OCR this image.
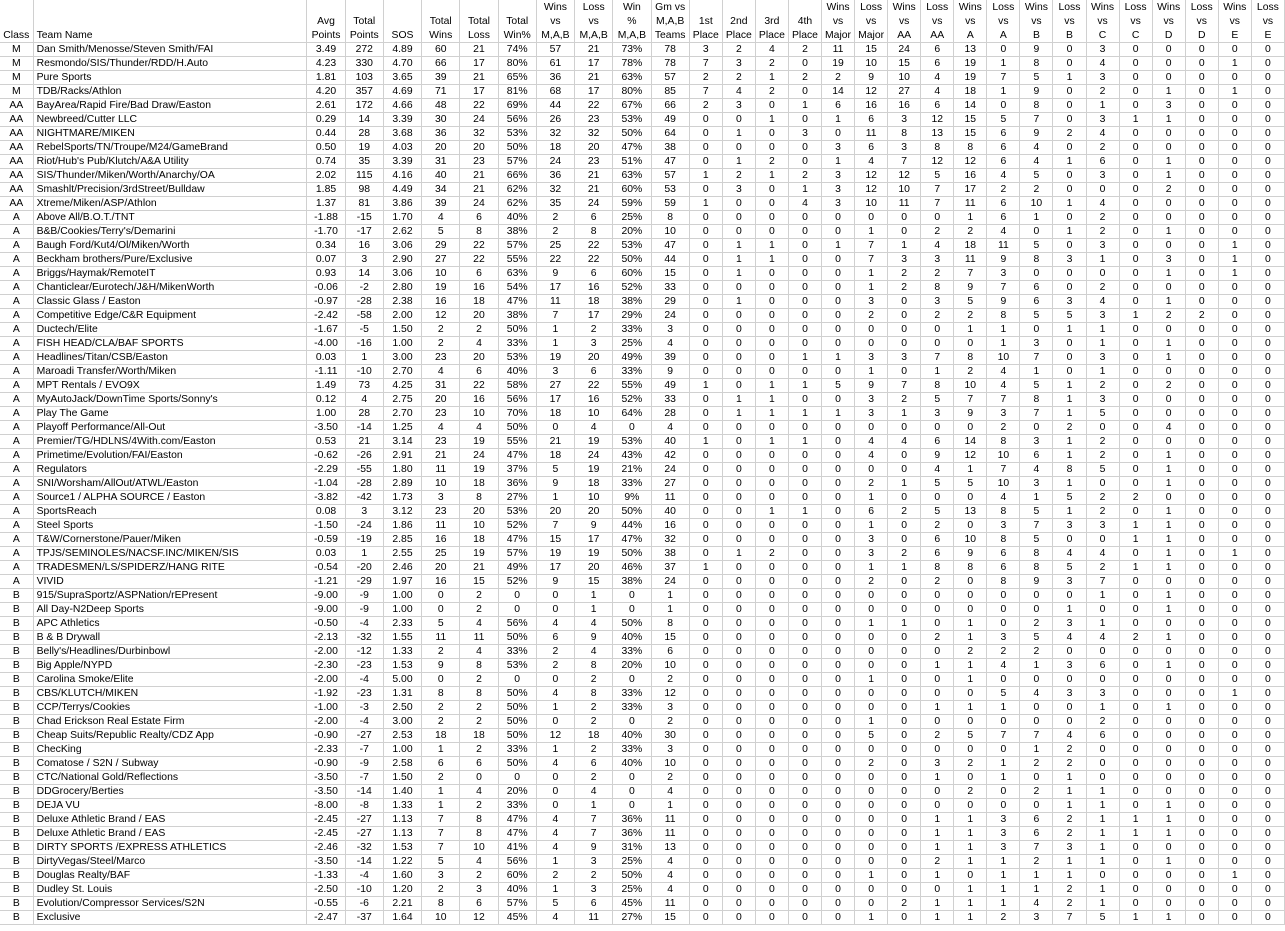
								Wins	Loss	Win	Gm vs					Wins	Loss	Wins	Loss	Wins	Loss	Wins	Loss	Wins	Loss	Wins	Loss	Wins	Loss
		Avg	Total		Total	Total	Total	vs	vs	%	M,A,B	1st	2nd	3rd	4th	vs	vs	vs	vs	vs	vs	vs	vs	vs	vs	vs	vs	vs	vs
Class	Team Name	Points	Points	SOS	Wins	Loss	Win%	M,A,B	M,A,B	M,A,B	Teams	Place	Place	Place	Place	Major	Major	AA	AA	A	A	B	B	C	C	D	D	E	E
M	Dan Smith/Menosse/Steven Smith/FAI	3.49	272	4.89	60	21	74%	57	21	73%	78	3	2	4	2	11	15	24	6	13	0	9	0	3	0	0	0	0	0
M	Resmondo/SIS/Thunder/RDD/H.Auto	4.23	330	4.70	66	17	80%	61	17	78%	78	7	3	2	0	19	10	15	6	19	1	8	0	4	0	0	0	1	0
M	Pure Sports	1.81	103	3.65	39	21	65%	36	21	63%	57	2	2	1	2	2	9	10	4	19	7	5	1	3	0	0	0	0	0
M	TDB/Racks/Athlon	4.20	357	4.69	71	17	81%	68	17	80%	85	7	4	2	0	14	12	27	4	18	1	9	0	2	0	1	0	1	0
AA	BayArea/Rapid Fire/Bad Draw/Easton	2.61	172	4.66	48	22	69%	44	22	67%	66	2	3	0	1	6	16	16	6	14	0	8	0	1	0	3	0	0	0
AA	Newbreed/Cutter LLC	0.29	14	3.39	30	24	56%	26	23	53%	49	0	0	1	0	1	6	3	12	15	5	7	0	3	1	1	0	0	0
AA	NIGHTMARE/MIKEN	0.44	28	3.68	36	32	53%	32	32	50%	64	0	1	0	3	0	11	8	13	15	6	9	2	4	0	0	0	0	0
AA	RebelSports/TN/Troupe/M24/GameBrand	0.50	19	4.03	20	20	50%	18	20	47%	38	0	0	0	0	3	6	3	8	8	6	4	0	2	0	0	0	0	0
AA	Riot/Hub's Pub/Klutch/A&A Utility	0.74	35	3.39	31	23	57%	24	23	51%	47	0	1	2	0	1	4	7	12	12	6	4	1	6	0	1	0	0	0
AA	SIS/Thunder/Miken/Worth/Anarchy/OA	2.02	115	4.16	40	21	66%	36	21	63%	57	1	2	1	2	3	12	12	5	16	4	5	0	3	0	1	0	0	0
AA	Smashlt/Precision/3rdStreet/Bulldaw	1.85	98	4.49	34	21	62%	32	21	60%	53	0	3	0	1	3	12	10	7	17	2	2	0	0	0	2	0	0	0
AA	Xtreme/Miken/ASP/Athlon	1.37	81	3.86	39	24	62%	35	24	59%	59	1	0	0	4	3	10	11	7	11	6	10	1	4	0	0	0	0	0
A	Above All/B.O.T./TNT	-1.88	-15	1.70	4	6	40%	2	6	25%	8	0	0	0	0	0	0	0	0	1	6	1	0	2	0	0	0	0	0
A	B&B/Cookies/Terry's/Demarini	-1.70	-17	2.62	5	8	38%	2	8	20%	10	0	0	0	0	0	1	0	2	2	4	0	1	2	0	1	0	0	0
A	Baugh Ford/Kut4/Ol/Miken/Worth	0.34	16	3.06	29	22	57%	25	22	53%	47	0	1	1	0	1	7	1	4	18	11	5	0	3	0	0	0	1	0
A	Beckham brothers/Pure/Exclusive	0.07	3	2.90	27	22	55%	22	22	50%	44	0	1	1	0	0	7	3	3	11	9	8	3	1	0	3	0	1	0
A	Briggs/Haymak/RemoteIT	0.93	14	3.06	10	6	63%	9	6	60%	15	0	1	0	0	0	1	2	2	7	3	0	0	0	0	1	0	1	0
A	Chanticlear/Eurotech/J&H/MikenWorth	-0.06	-2	2.80	19	16	54%	17	16	52%	33	0	0	0	0	0	1	2	8	9	7	6	0	2	0	0	0	0	0
A	Classic Glass / Easton	-0.97	-28	2.38	16	18	47%	11	18	38%	29	0	1	0	0	0	3	0	3	5	9	6	3	4	0	1	0	0	0
A	Competitive Edge/C&R Equipment	-2.42	-58	2.00	12	20	38%	7	17	29%	24	0	0	0	0	0	2	0	2	2	8	5	5	3	1	2	2	0	0
A	Ductech/Elite	-1.67	-5	1.50	2	2	50%	1	2	33%	3	0	0	0	0	0	0	0	0	1	1	0	1	1	0	0	0	0	0
A	FISH HEAD/CLA/BAF SPORTS	-4.00	-16	1.00	2	4	33%	1	3	25%	4	0	0	0	0	0	0	0	0	0	1	3	0	1	0	1	0	0	0
A	Headlines/Titan/CSB/Easton	0.03	1	3.00	23	20	53%	19	20	49%	39	0	0	0	1	1	3	3	7	8	10	7	0	3	0	1	0	0	0
A	Maroadi Transfer/Worth/Miken	-1.11	-10	2.70	4	6	40%	3	6	33%	9	0	0	0	0	0	1	0	1	2	4	1	0	1	0	0	0	0	0
A	MPT Rentals / EVO9X	1.49	73	4.25	31	22	58%	27	22	55%	49	1	0	1	1	5	9	7	8	10	4	5	1	2	0	2	0	0	0
A	MyAutoJack/DownTime Sports/Sonny's	0.12	4	2.75	20	16	56%	17	16	52%	33	0	1	1	0	0	3	2	5	7	7	8	1	3	0	0	0	0	0
A	Play The Game	1.00	28	2.70	23	10	70%	18	10	64%	28	0	1	1	1	1	3	1	3	9	3	7	1	5	0	0	0	0	0
A	Playoff Performance/All-Out	-3.50	-14	1.25	4	4	50%	0	4	0	4	0	0	0	0	0	0	0	0	0	2	0	2	0	0	4	0	0	0
A	Premier/TG/HDLNS/4With.com/Easton	0.53	21	3.14	23	19	55%	21	19	53%	40	1	0	1	1	0	4	4	6	14	8	3	1	2	0	0	0	0	0
A	Primetime/Evolution/FAI/Easton	-0.62	-26	2.91	21	24	47%	18	24	43%	42	0	0	0	0	0	4	0	9	12	10	6	1	2	0	1	0	0	0
A	Regulators	-2.29	-55	1.80	11	19	37%	5	19	21%	24	0	0	0	0	0	0	0	4	1	7	4	8	5	0	1	0	0	0
A	SNI/Worsham/AllOut/ATWL/Easton	-1.04	-28	2.89	10	18	36%	9	18	33%	27	0	0	0	0	0	2	1	5	5	10	3	1	0	0	1	0	0	0
A	Source1 / ALPHA SOURCE / Easton	-3.82	-42	1.73	3	8	27%	1	10	9%	11	0	0	0	0	0	1	0	0	0	4	1	5	2	2	0	0	0	0
A	SportsReach	0.08	3	3.12	23	20	53%	20	20	50%	40	0	0	1	1	0	6	2	5	13	8	5	1	2	0	1	0	0	0
A	Steel Sports	-1.50	-24	1.86	11	10	52%	7	9	44%	16	0	0	0	0	0	1	0	2	0	3	7	3	3	1	1	0	0	0
A	T&W/Cornerstone/Pauer/Miken	-0.59	-19	2.85	16	18	47%	15	17	47%	32	0	0	0	0	0	3	0	6	10	8	5	0	0	1	1	0	0	0
A	TPJS/SEMINOLES/NACSF.INC/MIKEN/SIS	0.03	1	2.55	25	19	57%	19	19	50%	38	0	1	2	0	0	3	2	6	9	6	8	4	4	0	1	0	1	0
A	TRADESMEN/LS/SPIDERZ/HANG RITE	-0.54	-20	2.46	20	21	49%	17	20	46%	37	1	0	0	0	0	1	1	8	8	6	8	5	2	1	1	0	0	0
A	VIVID	-1.21	-29	1.97	16	15	52%	9	15	38%	24	0	0	0	0	0	2	0	2	0	8	9	3	7	0	0	0	0	0
B	915/SupraSportz/ASPNation/rEPresent	-9.00	-9	1.00	0	2	0	0	1	0	1	0	0	0	0	0	0	0	0	0	0	0	0	1	0	1	0	0	0
B	All Day-N2Deep Sports	-9.00	-9	1.00	0	2	0	0	1	0	1	0	0	0	0	0	0	0	0	0	0	0	1	0	0	1	0	0	0
B	APC Athletics	-0.50	-4	2.33	5	4	56%	4	4	50%	8	0	0	0	0	0	1	1	0	1	0	2	3	1	0	0	0	0	0
B	B & B Drywall	-2.13	-32	1.55	11	11	50%	6	9	40%	15	0	0	0	0	0	0	0	2	1	3	5	4	4	2	1	0	0	0
B	Belly's/Headlines/Durbinbowl	-2.00	-12	1.33	2	4	33%	2	4	33%	6	0	0	0	0	0	0	0	0	2	2	2	0	0	0	0	0	0	0
B	Big Apple/NYPD	-2.30	-23	1.53	9	8	53%	2	8	20%	10	0	0	0	0	0	0	0	1	1	4	1	3	6	0	1	0	0	0
B	Carolina Smoke/Elite	-2.00	-4	5.00	0	2	0	0	2	0	2	0	0	0	0	0	1	0	0	1	0	0	0	0	0	0	0	0	0
B	CBS/KLUTCH/MIKEN	-1.92	-23	1.31	8	8	50%	4	8	33%	12	0	0	0	0	0	0	0	0	0	5	4	3	3	0	0	0	1	0
B	CCP/Terrys/Cookies	-1.00	-3	2.50	2	2	50%	1	2	33%	3	0	0	0	0	0	0	0	1	1	1	0	0	1	0	1	0	0	0
B	Chad Erickson Real Estate Firm	-2.00	-4	3.00	2	2	50%	0	2	0	2	0	0	0	0	0	1	0	0	0	0	0	0	2	0	0	0	0	0
B	Cheap Suits/Republic Realty/CDZ App	-0.90	-27	2.53	18	18	50%	12	18	40%	30	0	0	0	0	0	5	0	2	5	7	7	4	6	0	0	0	0	0
B	ChecKing	-2.33	-7	1.00	1	2	33%	1	2	33%	3	0	0	0	0	0	0	0	0	0	0	1	2	0	0	0	0	0	0
B	Comatose / S2N / Subway	-0.90	-9	2.58	6	6	50%	4	6	40%	10	0	0	0	0	0	2	0	3	2	1	2	2	0	0	0	0	0	0
B	CTC/National Gold/Reflections	-3.50	-7	1.50	2	0	0	0	2	0	2	0	0	0	0	0	0	0	1	0	1	0	1	0	0	0	0	0	0
B	DDGrocery/Berties	-3.50	-14	1.40	1	4	20%	0	4	0	4	0	0	0	0	0	0	0	0	2	0	2	1	1	0	0	0	0	0
B	DEJA VU	-8.00	-8	1.33	1	2	33%	0	1	0	1	0	0	0	0	0	0	0	0	0	0	0	1	1	0	1	0	0	0
B	Deluxe Athletic Brand / EAS	-2.45	-27	1.13	7	8	47%	4	7	36%	11	0	0	0	0	0	0	0	1	1	3	6	2	1	1	1	0	0	0
B	Deluxe Athletic Brand / EAS	-2.45	-27	1.13	7	8	47%	4	7	36%	11	0	0	0	0	0	0	0	1	1	3	6	2	1	1	1	0	0	0
B	DIRTY SPORTS /EXPRESS ATHLETICS	-2.46	-32	1.53	7	10	41%	4	9	31%	13	0	0	0	0	0	0	0	1	1	3	7	3	1	0	0	0	0	0
B	DirtyVegas/Steel/Marco	-3.50	-14	1.22	5	4	56%	1	3	25%	4	0	0	0	0	0	0	0	2	1	1	2	1	1	0	1	0	0	0
B	Douglas Realty/BAF	-1.33	-4	1.60	3	2	60%	2	2	50%	4	0	0	0	0	0	1	0	1	0	1	1	1	0	0	0	0	1	0
B	Dudley St. Louis	-2.50	-10	1.20	2	3	40%	1	3	25%	4	0	0	0	0	0	0	0	0	1	1	1	2	1	0	0	0	0	0
B	Evolution/Compressor Services/S2N	-0.55	-6	2.21	8	6	57%	5	6	45%	11	0	0	0	0	0	0	2	1	1	1	4	2	1	0	0	0	0	0
B	Exclusive	-2.47	-37	1.64	10	12	45%	4	11	27%	15	0	0	0	0	0	1	0	1	1	2	3	7	5	1	1	0	0	0
